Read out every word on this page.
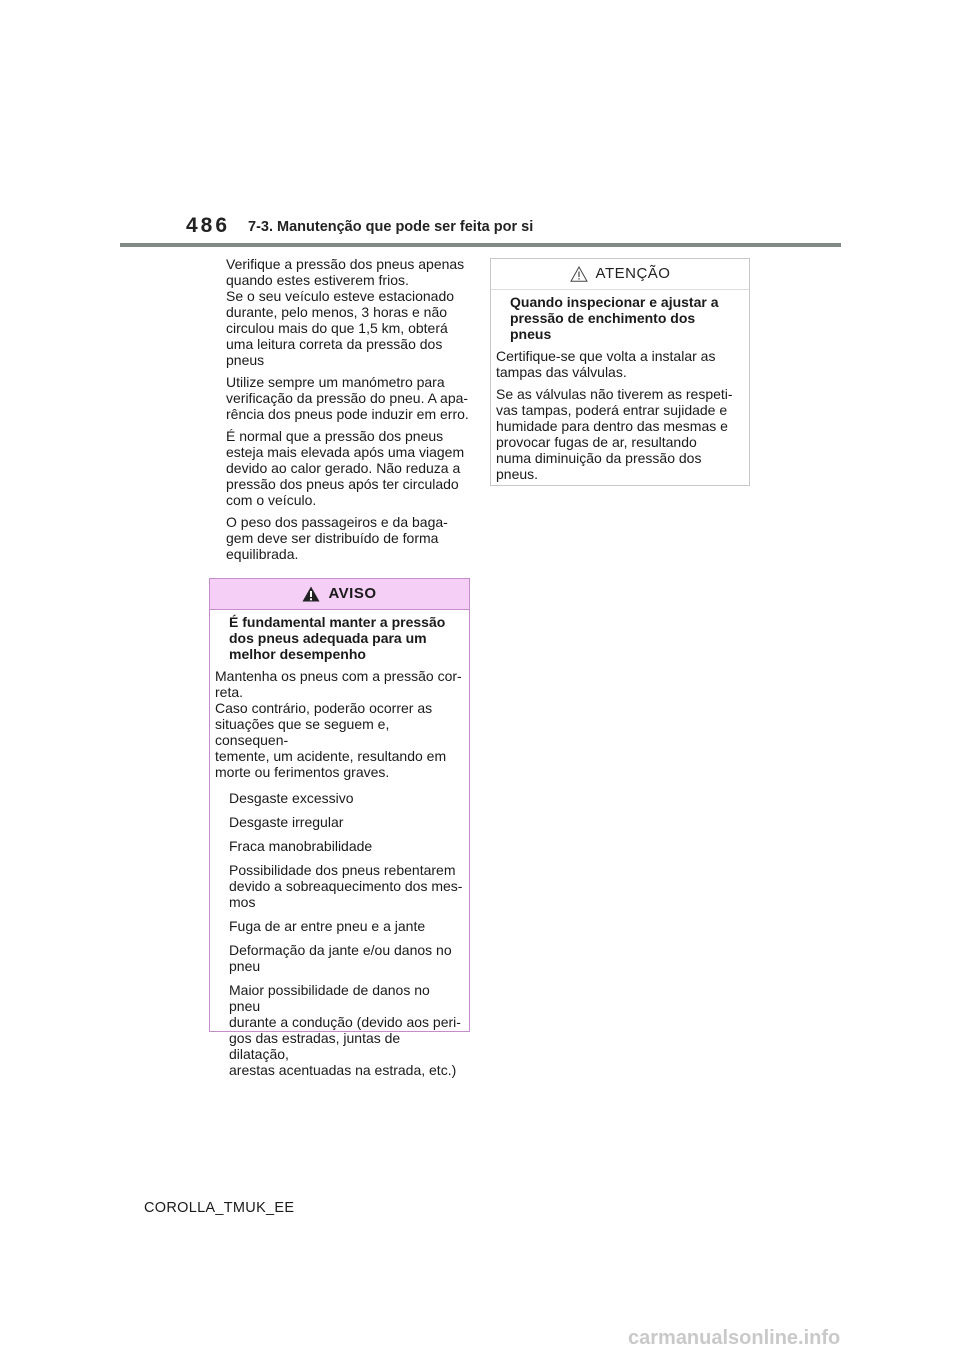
486 7-3. Manutenção que pode ser feita por si

Verifique a pressão dos pneus apenas
quando estes estiverem frios.
Se o seu veículo esteve estacionado
durante, pelo menos, 3 horas e não
circulou mais do que 1,5 km, obterá
uma leitura correta da pressão dos
pneus

Utilize sempre um manómetro para
verificação da pressão do pneu. A apa-
rência dos pneus pode induzir em erro.

É normal que a pressão dos pneus
esteja mais elevada após uma viagem
devido ao calor gerado. Não reduza a
pressão dos pneus após ter circulado
com o veículo.

O peso dos passageiros e da baga-
gem deve ser distribuído de forma
equilibrada.

AVISO

É fundamental manter a pressão
dos pneus adequada para um
melhor desempenho

Mantenha os pneus com a pressão cor-
reta.
Caso contrário, poderão ocorrer as
situações que se seguem e, consequen-
temente, um acidente, resultando em
morte ou ferimentos graves.

Desgaste excessivo
Desgaste irregular
Fraca manobrabilidade
Possibilidade dos pneus rebentarem
devido a sobreaquecimento dos mes-
mos
Fuga de ar entre pneu e a jante
Deformação da jante e/ou danos no
pneu
Maior possibilidade de danos no pneu
durante a condução (devido aos peri-
gos das estradas, juntas de dilatação,
arestas acentuadas na estrada, etc.)
ATENÇÃO

Quando inspecionar e ajustar a
pressão de enchimento dos
pneus

Certifique-se que volta a instalar as
tampas das válvulas.

Se as válvulas não tiverem as respeti-
vas tampas, poderá entrar sujidade e
humidade para dentro das mesmas e
provocar fugas de ar, resultando
numa diminuição da pressão dos
pneus.

COROLLA_TMUK_EE
carmanualsonline.info
